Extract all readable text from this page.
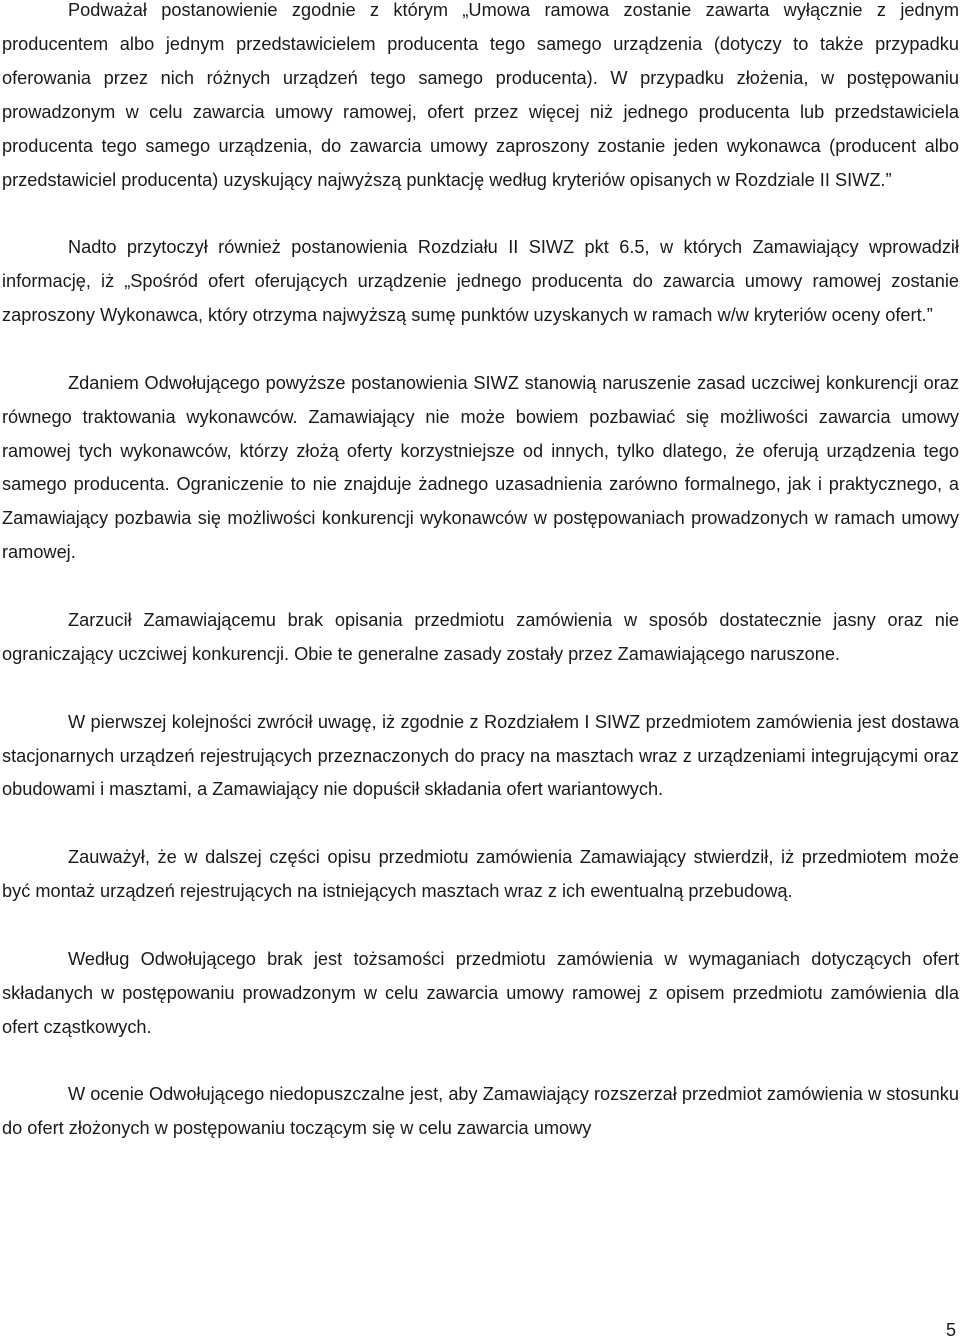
Podważał postanowienie zgodnie z którym „Umowa ramowa zostanie zawarta wyłącznie z jednym producentem albo jednym przedstawicielem producenta tego samego urządzenia (dotyczy to także przypadku oferowania przez nich różnych urządzeń tego samego producenta). W przypadku złożenia, w postępowaniu prowadzonym w celu zawarcia umowy ramowej, ofert przez więcej niż jednego producenta lub przedstawiciela producenta tego samego urządzenia, do zawarcia umowy zaproszony zostanie jeden wykonawca (producent albo przedstawiciel producenta) uzyskujący najwyższą punktację według kryteriów opisanych w Rozdziale II SIWZ.”

Nadto przytoczył również postanowienia Rozdziału II SIWZ pkt 6.5, w których Zamawiający wprowadził informację, iż „Spośród ofert oferujących urządzenie jednego producenta do zawarcia umowy ramowej zostanie zaproszony Wykonawca, który otrzyma najwyższą sumę punktów uzyskanych w ramach w/w kryteriów oceny ofert.”

Zdaniem Odwołującego powyższe postanowienia SIWZ stanowią naruszenie zasad uczciwej konkurencji oraz równego traktowania wykonawców. Zamawiający nie może bowiem pozbawiać się możliwości zawarcia umowy ramowej tych wykonawców, którzy złożą oferty korzystniejsze od innych, tylko dlatego, że oferują urządzenia tego samego producenta. Ograniczenie to nie znajduje żadnego uzasadnienia zarówno formalnego, jak i praktycznego, a Zamawiający pozbawia się możliwości konkurencji wykonawców w postępowaniach prowadzonych w ramach umowy ramowej.

Zarzucił Zamawiającemu brak opisania przedmiotu zamówienia w sposób dostatecznie jasny oraz nie ograniczający uczciwej konkurencji. Obie te generalne zasady zostały przez Zamawiającego naruszone.

W pierwszej kolejności zwrócił uwagę, iż zgodnie z Rozdziałem I SIWZ przedmiotem zamówienia jest dostawa stacjonarnych urządzeń rejestrujących przeznaczonych do pracy na masztach wraz z urządzeniami integrującymi oraz obudowami i masztami, a Zamawiający nie dopuścił składania ofert wariantowych.

Zauważył, że w dalszej części opisu przedmiotu zamówienia Zamawiający stwierdził, iż przedmiotem może być montaż urządzeń rejestrujących na istniejących masztach wraz z ich ewentualną przebudową.

Według Odwołującego brak jest tożsamości przedmiotu zamówienia w wymaganiach dotyczących ofert składanych w postępowaniu prowadzonym w celu zawarcia umowy ramowej z opisem przedmiotu zamówienia dla ofert cząstkowych.

W ocenie Odwołującego niedopuszczalne jest, aby Zamawiający rozszerzał przedmiot zamówienia w stosunku do ofert złożonych w postępowaniu toczącym się w celu zawarcia umowy

5
